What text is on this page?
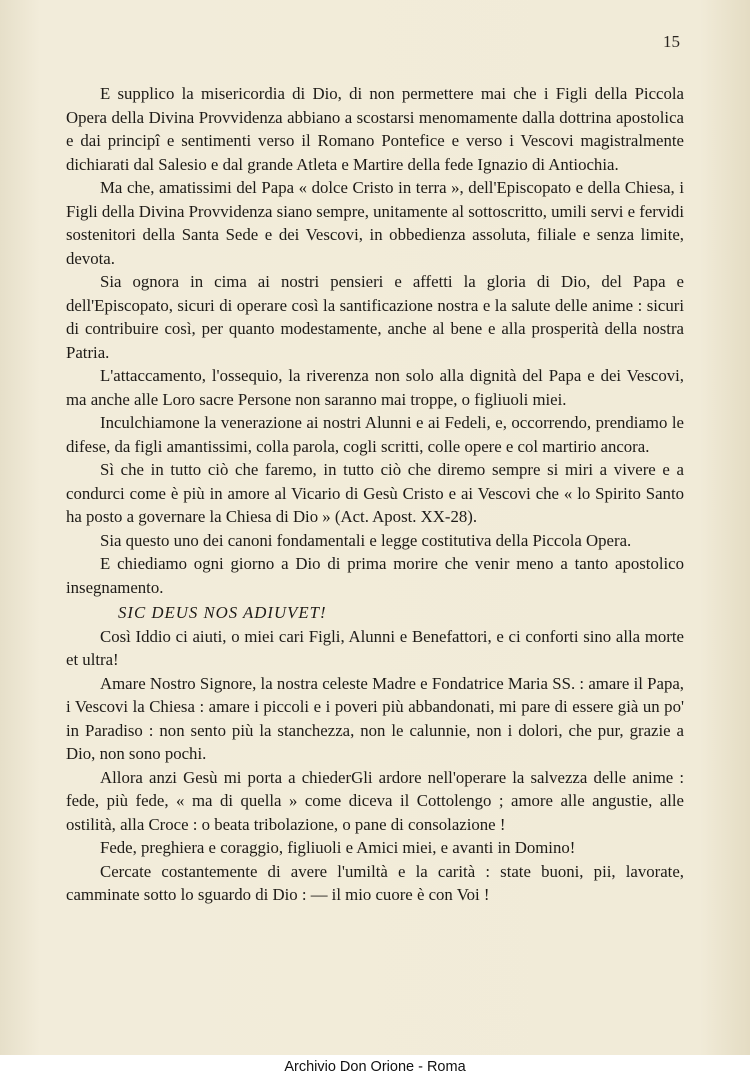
15

E supplico la misericordia di Dio, di non permettere mai che i Figli della Piccola Opera della Divina Provvidenza abbiano a scostarsi menomamente dalla dottrina apostolica e dai principî e sentimenti verso il Romano Pontefice e verso i Vescovi magistralmente dichiarati dal Salesio e dal grande Atleta e Martire della fede Ignazio di Antiochia.

Ma che, amatissimi del Papa « dolce Cristo in terra », dell'Episcopato e della Chiesa, i Figli della Divina Provvidenza siano sempre, unitamente al sottoscritto, umili servi e fervidi sostenitori della Santa Sede e dei Vescovi, in obbedienza assoluta, filiale e senza limite, devota.

Sia ognora in cima ai nostri pensieri e affetti la gloria di Dio, del Papa e dell'Episcopato, sicuri di operare così la santificazione nostra e la salute delle anime : sicuri di contribuire così, per quanto modestamente, anche al bene e alla prosperità della nostra Patria.

L'attaccamento, l'ossequio, la riverenza non solo alla dignità del Papa e dei Vescovi, ma anche alle Loro sacre Persone non saranno mai troppe, o figliuoli miei.

Inculchiamone la venerazione ai nostri Alunni e ai Fedeli, e, occorrendo, prendiamo le difese, da figli amantissimi, colla parola, cogli scritti, colle opere e col martirio ancora.

Sì che in tutto ciò che faremo, in tutto ciò che diremo sempre si miri a vivere e a condurci come è più in amore al Vicario di Gesù Cristo e ai Vescovi che « lo Spirito Santo ha posto a governare la Chiesa di Dio » (Act. Apost. XX-28).

Sia questo uno dei canoni fondamentali e legge costitutiva della Piccola Opera.

E chiediamo ogni giorno a Dio di prima morire che venir meno a tanto apostolico insegnamento.

SIC DEUS NOS ADIUVET!

Così Iddio ci aiuti, o miei cari Figli, Alunni e Benefattori, e ci conforti sino alla morte et ultra!

Amare Nostro Signore, la nostra celeste Madre e Fondatrice Maria SS. : amare il Papa, i Vescovi la Chiesa : amare i piccoli e i poveri più abbandonati, mi pare di essere già un po' in Paradiso : non sento più la stanchezza, non le calunnie, non i dolori, che pur, grazie a Dio, non sono pochi.

Allora anzi Gesù mi porta a chiederGli ardore nell'operare la salvezza delle anime : fede, più fede, « ma di quella » come diceva il Cottolengo ; amore alle angustie, alle ostilità, alla Croce : o beata tribolazione, o pane di consolazione !

Fede, preghiera e coraggio, figliuoli e Amici miei, e avanti in Domino!

Cercate costantemente di avere l'umiltà e la carità : state buoni, pii, lavorate, camminate sotto lo sguardo di Dio : — il mio cuore è con Voi !

Archivio Don Orione - Roma
